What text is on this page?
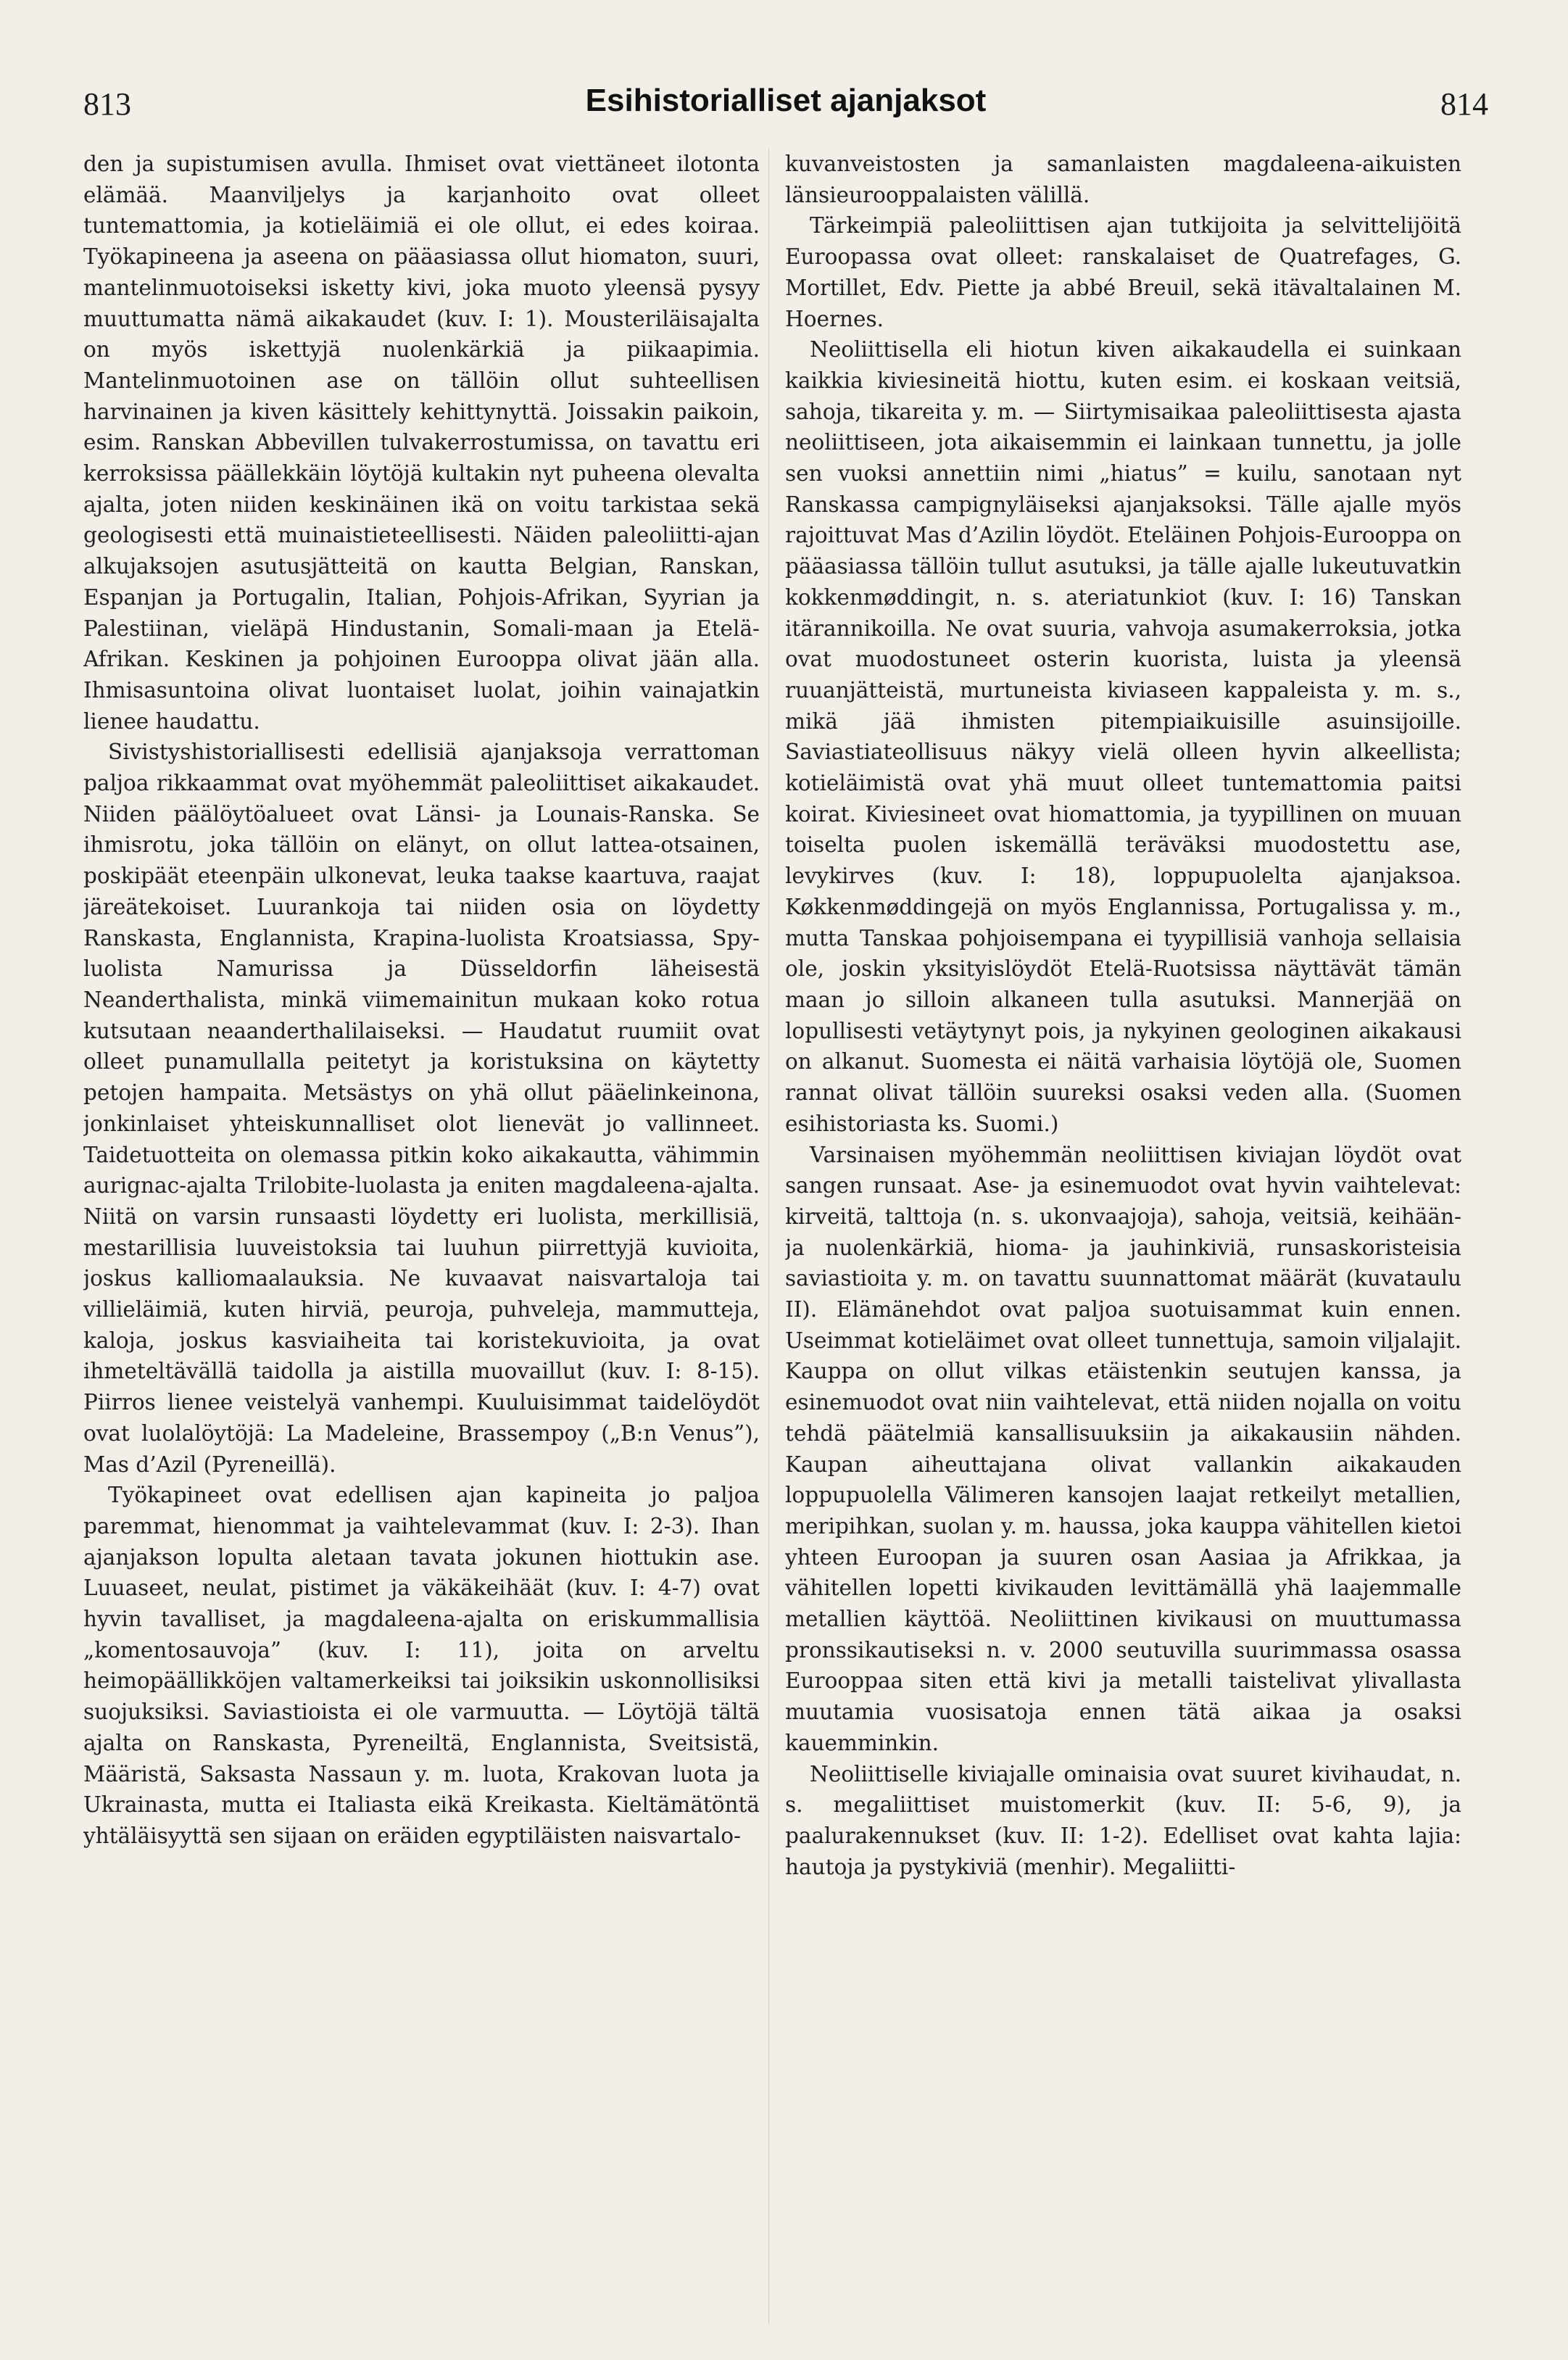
813	Esihistorialliset ajanjaksot	814

den ja supistumisen avulla. Ihmiset ovat viettäneet ilotonta elämää. Maanviljelys ja karjanhoito ovat olleet tuntemattomia, ja kotieläimiä ei ole ollut, ei edes koiraa. Työkapineena ja aseena on pääasiassa ollut hiomaton, suuri, mantelinmuotoiseksi isketty kivi, joka muoto yleensä pysyy muuttumatta nämä aikakaudet (kuv. I: 1). Mousteriläisajalta on myös iskettyjä nuolenkärkiä ja piikaapimia. Mantelinmuotoinen ase on tällöin ollut suhteellisen harvinainen ja kiven käsittely kehittynyttä. Joissakin paikoin, esim. Ranskan Abbevillen tulvakerrostumissa, on tavattu eri kerroksissa päällekkäin löytöjä kultakin nyt puheena olevalta ajalta, joten niiden keskinäinen ikä on voitu tarkistaa sekä geologisesti että muinaistieteellisesti. Näiden paleoliitti-ajan alkujaksojen asutusjätteitä on kautta Belgian, Ranskan, Espanjan ja Portugalin, Italian, Pohjois-Afrikan, Syyrian ja Palestiinan, vieläpä Hindustanin, Somali-maan ja Etelä-Afrikan. Keskinen ja pohjoinen Eurooppa olivat jään alla. Ihmisasuntoina olivat luontaiset luolat, joihin vainajatkin lienee haudattu.

Sivistyshistoriallisesti edellisiä ajanjaksoja verrattoman paljoa rikkaammat ovat myöhemmät paleoliittiset aikakaudet. Niiden päälöytöalueet ovat Länsi- ja Lounais-Ranska. Se ihmisrotu, joka tällöin on elänyt, on ollut lattea-otsainen, poskipäät eteenpäin ulkonevat, leuka taakse kaartuva, raajat järeätekoiset. Luurankoja tai niiden osia on löydetty Ranskasta, Englannista, Krapina-luolista Kroatsiassa, Spy-luolista Namurissa ja Düsseldorfin läheisestä Neanderthalista, minkä viimemainitun mukaan koko rotua kutsutaan neaanderthalilaiseksi. — Haudatut ruumiit ovat olleet punamullalla peitetyt ja koristuksina on käytetty petojen hampaita. Metsästys on yhä ollut pääelinkeinona, jonkinlaiset yhteiskunnalliset olot lienevät jo vallinneet. Taidetuotteita on olemassa pitkin koko aikakautta, vähimmin aurignac-ajalta Trilobite-luolasta ja eniten magdaleena-ajalta. Niitä on varsin runsaasti löydetty eri luolista, merkillisiä, mestarillisia luuveistoksia tai luuhun piirrettyjä kuvioita, joskus kalliomaalauksia. Ne kuvaavat naisvartaloja tai villieläimiä, kuten hirviä, peuroja, puhveleja, mammutteja, kaloja, joskus kasviaiheita tai koristekuvioita, ja ovat ihmeteltävällä taidolla ja aistilla muovaillut (kuv. I: 8-15). Piirros lienee veistelyä vanhempi. Kuuluisimmat taidelöydöt ovat luolalöytöjä: La Madeleine, Brassempoy („B:n Venus”), Mas d’Azil (Pyreneillä).

Työkapineet ovat edellisen ajan kapineita jo paljoa paremmat, hienommat ja vaihtelevammat (kuv. I: 2-3). Ihan ajanjakson lopulta aletaan tavata jokunen hiottukin ase. Luuaseet, neulat, pistimet ja väkäkeihäät (kuv. I: 4-7) ovat hyvin tavalliset, ja magdaleena-ajalta on eriskummallisia „komentosauvoja” (kuv. I: 11), joita on arveltu heimopäällikköjen valtamerkeiksi tai joiksikin uskonnollisiksi suojuksiksi. Saviastioista ei ole varmuutta. — Löytöjä tältä ajalta on Ranskasta, Pyreneiltä, Englannista, Sveitsistä, Määristä, Saksasta Nassaun y. m. luota, Krakovan luota ja Ukrainasta, mutta ei Italiasta eikä Kreikasta. Kieltämätöntä yhtäläisyyttä sen sijaan on eräiden egyptiläisten naisvartalo-

kuvanveistosten ja samanlaisten magdaleena-aikuisten länsieurooppalaisten välillä.

Tärkeimpiä paleoliittisen ajan tutkijoita ja selvittelijöitä Euroopassa ovat olleet: ranskalaiset de Quatrefages, G. Mortillet, Edv. Piette ja abbé Breuil, sekä itävaltalainen M. Hoernes.

Neoliittisella eli hiotun kiven aikakaudella ei suinkaan kaikkia kiviesineitä hiottu, kuten esim. ei koskaan veitsiä, sahoja, tikareita y. m. — Siirtymisaikaa paleoliittisesta ajasta neoliittiseen, jota aikaisemmin ei lainkaan tunnettu, ja jolle sen vuoksi annettiin nimi „hiatus” = kuilu, sanotaan nyt Ranskassa campignyläiseksi ajanjaksoksi. Tälle ajalle myös rajoittuvat Mas d’Azilin löydöt. Eteläinen Pohjois-Eurooppa on pääasiassa tällöin tullut asutuksi, ja tälle ajalle lukeutuvatkin kokkenmøddingit, n. s. ateriatunkiot (kuv. I: 16) Tanskan itärannikoilla. Ne ovat suuria, vahvoja asumakerroksia, jotka ovat muodostuneet osterin kuorista, luista ja yleensä ruuanjätteistä, murtuneista kiviaseen kappaleista y. m. s., mikä jää ihmisten pitempiaikuisille asuinsijoille. Saviastiateollisuus näkyy vielä olleen hyvin alkeellista; kotieläimistä ovat yhä muut olleet tuntemattomia paitsi koirat. Kiviesineet ovat hiomattomia, ja tyypillinen on muuan toiselta puolen iskemällä teräväksi muodostettu ase, levykirves (kuv. I: 18), loppupuolelta ajanjaksoa. Køkkenmøddingejä on myös Englannissa, Portugalissa y. m., mutta Tanskaa pohjoisempana ei tyypillisiä vanhoja sellaisia ole, joskin yksityislöydöt Etelä-Ruotsissa näyttävät tämän maan jo silloin alkaneen tulla asutuksi. Mannerjää on lopullisesti vetäytynyt pois, ja nykyinen geologinen aikakausi on alkanut. Suomesta ei näitä varhaisia löytöjä ole, Suomen rannat olivat tällöin suureksi osaksi veden alla. (Suomen esihistoriasta ks. Suomi.)

Varsinaisen myöhemmän neoliittisen kiviajan löydöt ovat sangen runsaat. Ase- ja esinemuodot ovat hyvin vaihtelevat: kirveitä, talttoja (n. s. ukonvaajoja), sahoja, veitsiä, keihään- ja nuolenkärkiä, hioma- ja jauhinkiviä, runsaskoristeisia saviastioita y. m. on tavattu suunnattomat määrät (kuvataulu II). Elämänehdot ovat paljoa suotuisammat kuin ennen. Useimmat kotieläimet ovat olleet tunnettuja, samoin viljalajit. Kauppa on ollut vilkas etäistenkin seutujen kanssa, ja esinemuodot ovat niin vaihtelevat, että niiden nojalla on voitu tehdä päätelmiä kansallisuuksiin ja aikakausiin nähden. Kaupan aiheuttajana olivat vallankin aikakauden loppupuolella Välimeren kansojen laajat retkeilyt metallien, meripihkan, suolan y. m. haussa, joka kauppa vähitellen kietoi yhteen Euroopan ja suuren osan Aasiaa ja Afrikkaa, ja vähitellen lopetti kivikauden levittämällä yhä laajemmalle metallien käyttöä. Neoliittinen kivikausi on muuttumassa pronssikautiseksi n. v. 2000 seutuvilla suurimmassa osassa Eurooppaa siten että kivi ja metalli taistelivat ylivallasta muutamia vuosisatoja ennen tätä aikaa ja osaksi kauemminkin.

Neoliittiselle kiviajalle ominaisia ovat suuret kivihaudat, n. s. megaliittiset muistomerkit (kuv. II: 5-6, 9), ja paalurakennukset (kuv. II: 1-2). Edelliset ovat kahta lajia: hautoja ja pystykiviä (menhir). Megaliitti-
